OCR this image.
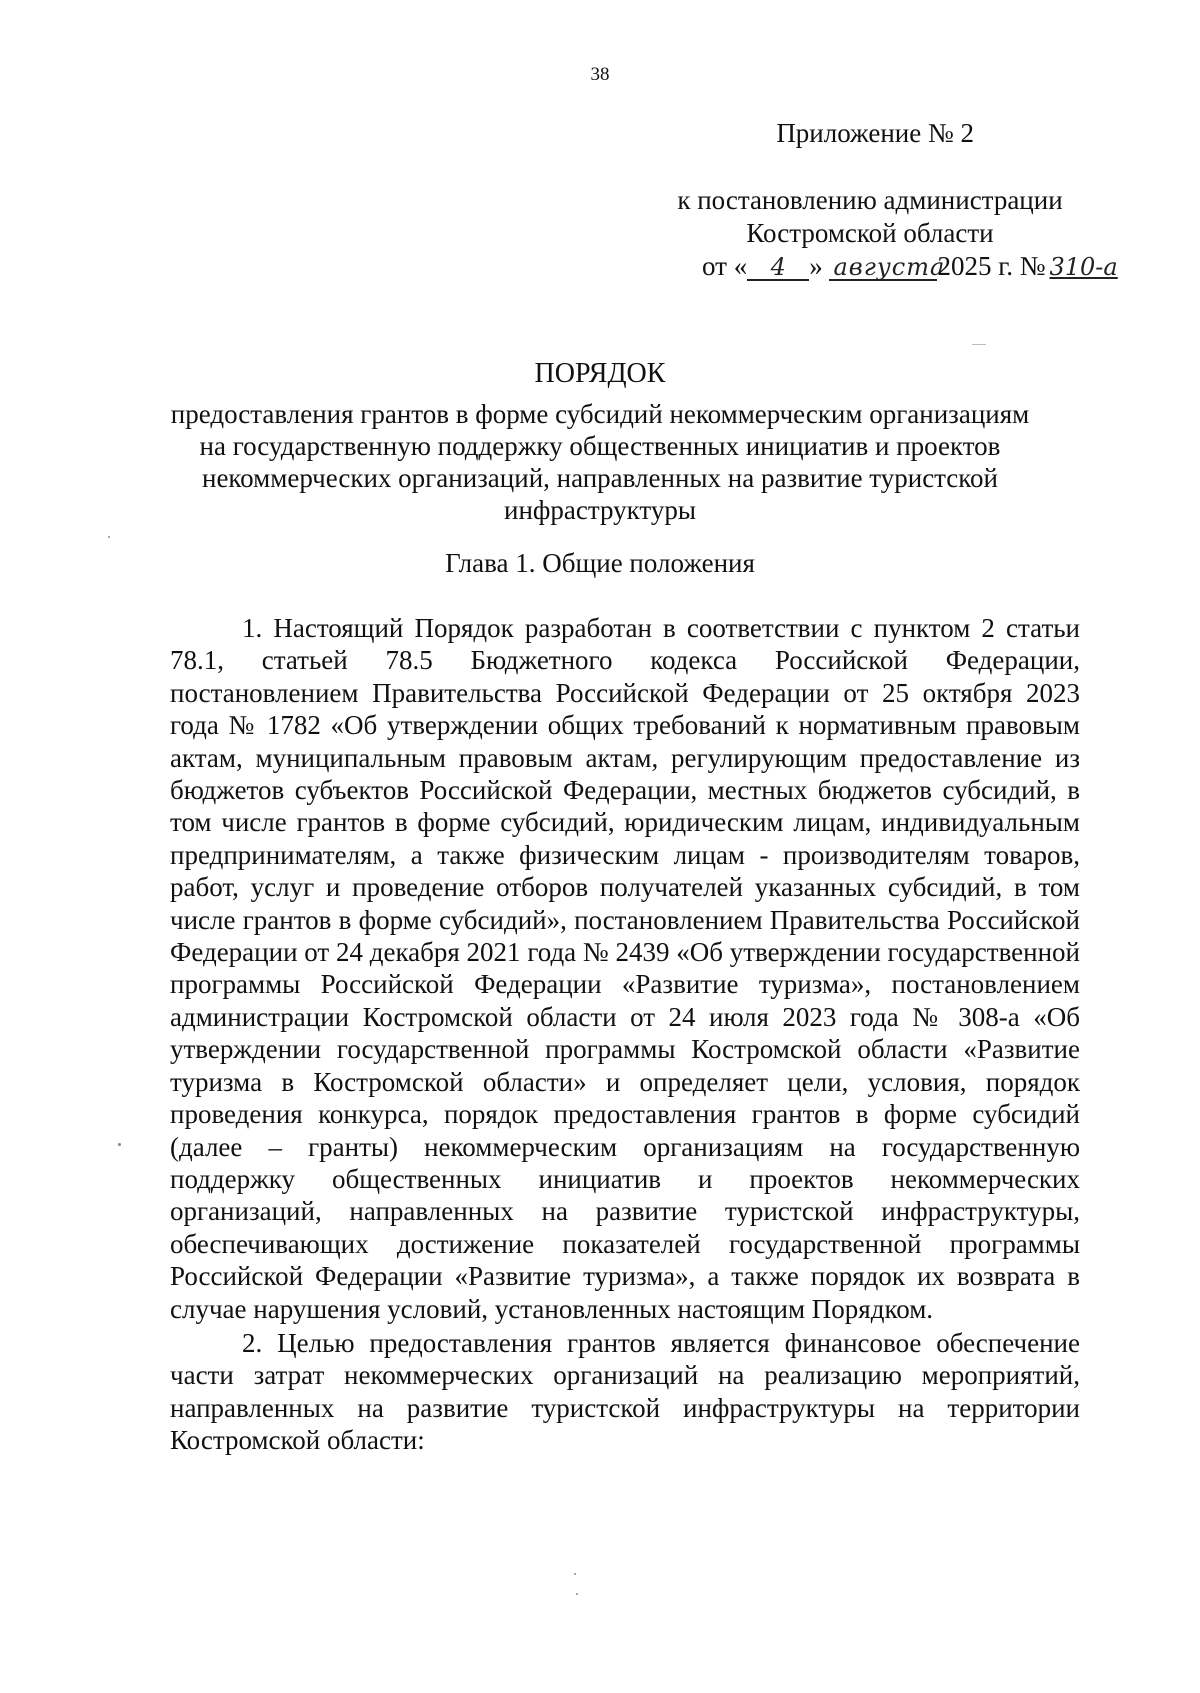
38
Приложение № 2
к постановлению администрации
Костромской области
от « 4 » августа2025 г. № 310-а
ПОРЯДОК
предоставления грантов в форме субсидий некоммерческим организациям на государственную поддержку общественных инициатив и проектов некоммерческих организаций, направленных на развитие туристской инфраструктуры
Глава 1. Общие положения

1. Настоящий Порядок разработан в соответствии с пунктом 2 статьи 78.1, статьей 78.5 Бюджетного кодекса Российской Федерации, постановлением Правительства Российской Федерации от 25 октября 2023 года № 1782 «Об утверждении общих требований к нормативным правовым актам, муниципальным правовым актам, регулирующим предоставление из бюджетов субъектов Российской Федерации, местных бюджетов субсидий, в том числе грантов в форме субсидий, юридическим лицам, индивидуальным предпринимателям, а также физическим лицам - производителям товаров, работ, услуг и проведение отборов получателей указанных субсидий, в том числе грантов в форме субсидий», постановлением Правительства Российской Федерации от 24 декабря 2021 года № 2439 «Об утверждении государственной программы Российской Федерации «Развитие туризма», постановлением администрации Костромской области от 24 июля 2023 года № 308-а «Об утверждении государственной программы Костромской области «Развитие туризма в Костромской области» и определяет цели, условия, порядок проведения конкурса, порядок предоставления грантов в форме субсидий (далее – гранты) некоммерческим организациям на государственную поддержку общественных инициатив и проектов некоммерческих организаций, направленных на развитие туристской инфраструктуры, обеспечивающих достижение показателей государственной программы Российской Федерации «Развитие туризма», а также порядок их возврата в случае нарушения условий, установленных настоящим Порядком.

2. Целью предоставления грантов является финансовое обеспечение части затрат некоммерческих организаций на реализацию мероприятий, направленных на развитие туристской инфраструктуры на территории Костромской области:
